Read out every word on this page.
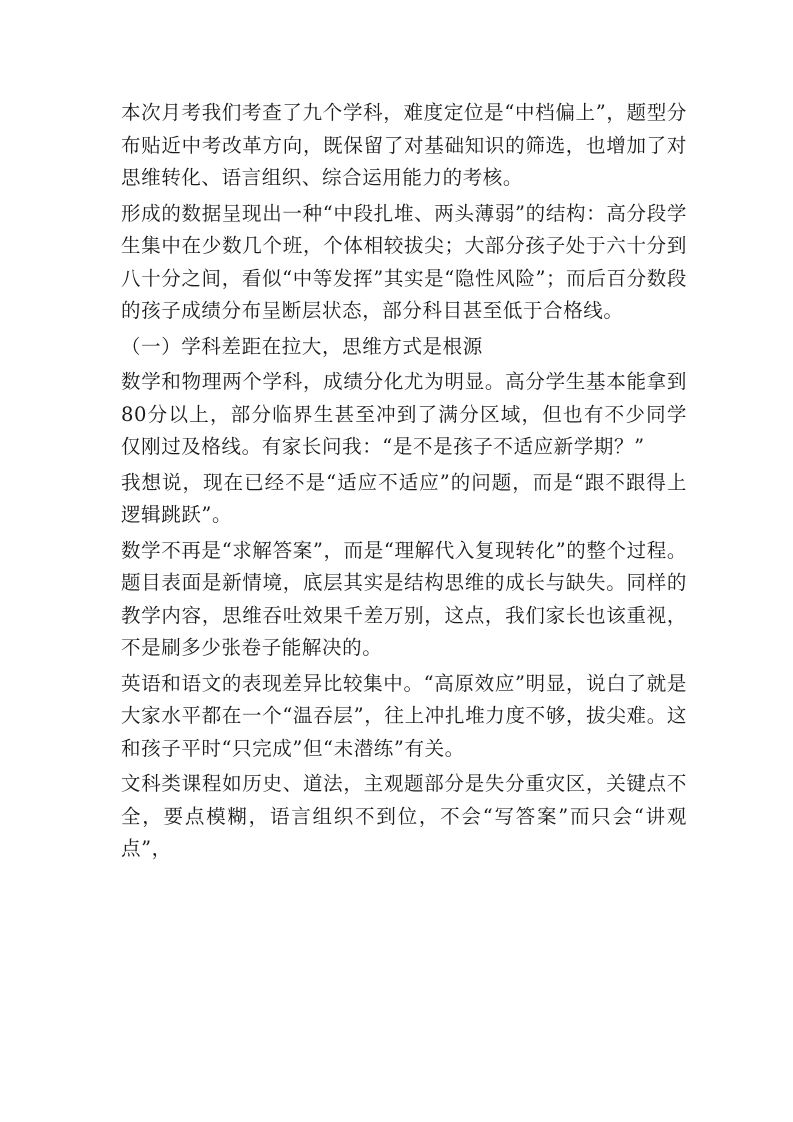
本次月考我们考查了九个学科，难度定位是“中档偏上”，题型分布贴近中考改革方向，既保留了对基础知识的筛选，也增加了对思维转化、语言组织、综合运用能力的考核。

形成的数据呈现出一种“中段扎堆、两头薄弱”的结构：高分段学生集中在少数几个班，个体相较拔尖；大部分孩子处于六十分到八十分之间，看似“中等发挥”其实是“隐性风险”；而后百分数段的孩子成绩分布呈断层状态，部分科目甚至低于合格线。

（一）学科差距在拉大，思维方式是根源

数学和物理两个学科，成绩分化尤为明显。高分学生基本能拿到80分以上，部分临界生甚至冲到了满分区域，但也有不少同学仅刚过及格线。有家长问我：“是不是孩子不适应新学期？”

我想说，现在已经不是“适应不适应”的问题，而是“跟不跟得上逻辑跳跃”。

数学不再是“求解答案”，而是“理解代入复现转化”的整个过程。题目表面是新情境，底层其实是结构思维的成长与缺失。同样的教学内容，思维吞吐效果千差万别，这点，我们家长也该重视，不是刷多少张卷子能解决的。

英语和语文的表现差异比较集中。“高原效应”明显，说白了就是大家水平都在一个“温吞层”，往上冲扎堆力度不够，拔尖难。这和孩子平时“只完成”但“未潜练”有关。

文科类课程如历史、道法，主观题部分是失分重灾区，关键点不全，要点模糊，语言组织不到位，不会“写答案”而只会“讲观点”，
